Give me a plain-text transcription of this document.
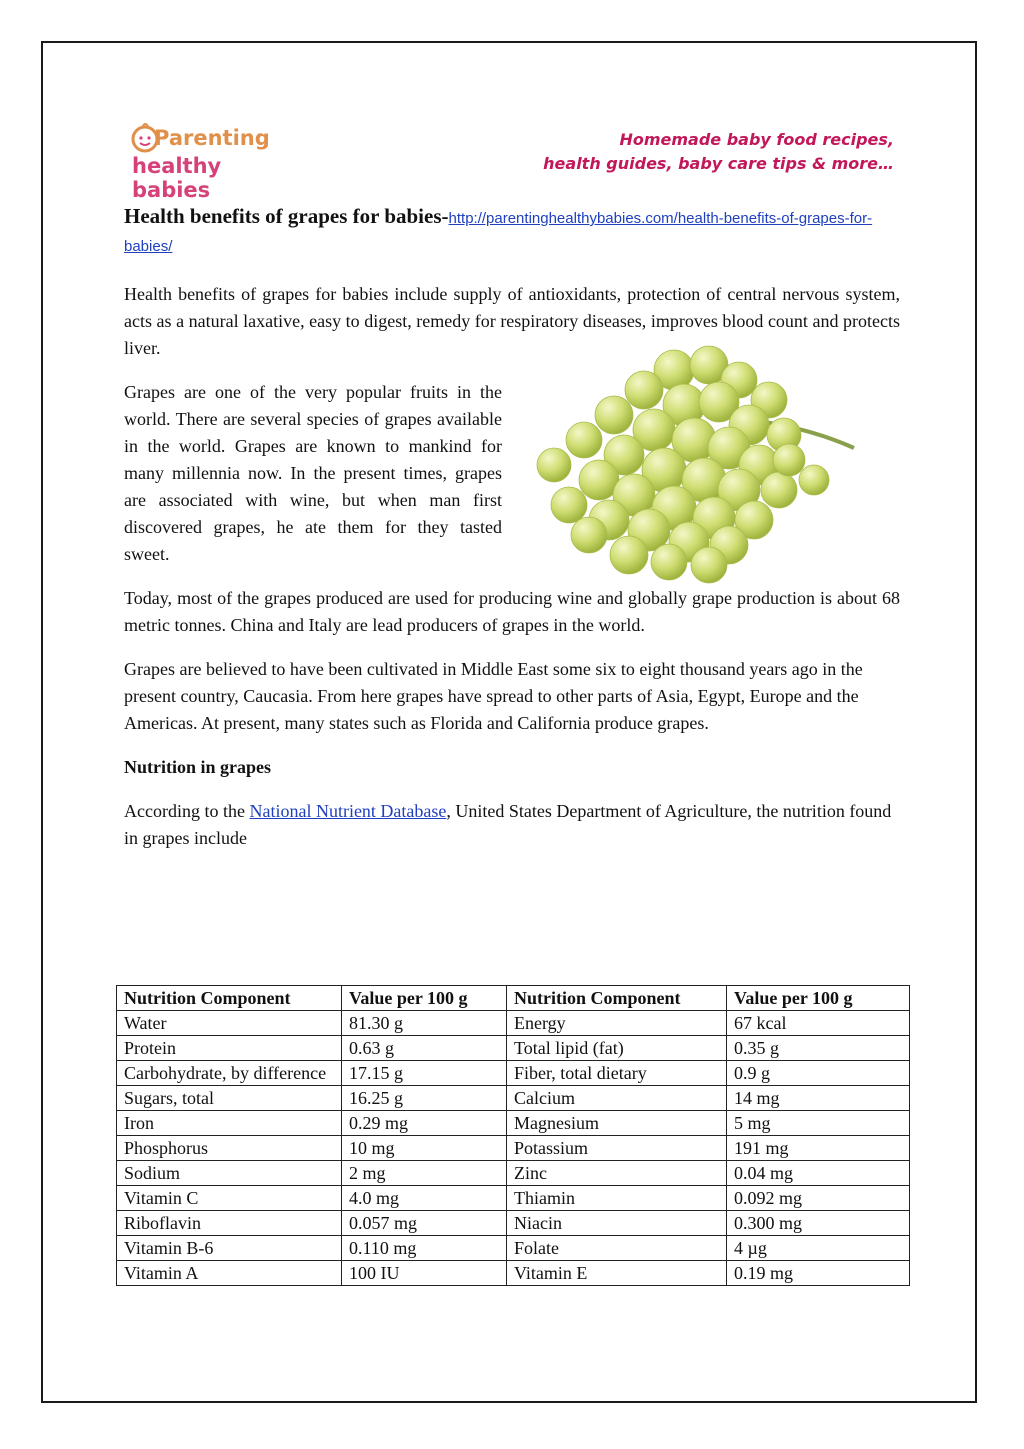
Parenting
healthy babies
Homemade baby food recipes,
health guides, baby care tips & more…

Health benefits of grapes for babies-http://parentinghealthybabies.com/health-benefits-of-grapes-for-babies/

Health benefits of grapes for babies include supply of antioxidants, protection of central nervous system, acts as a natural laxative, easy to digest, remedy for respiratory diseases, improves blood count and protects liver.

Grapes are one of the very popular fruits in the world. There are several species of grapes available in the world. Grapes are known to mankind for many millennia now. In the present times, grapes are associated with wine, but when man first discovered grapes, he ate them for they tasted sweet.

Today, most of the grapes produced are used for producing wine and globally grape production is about 68 metric tonnes. China and Italy are lead producers of grapes in the world.

Grapes are believed to have been cultivated in Middle East some six to eight thousand years ago in the present country, Caucasia. From here grapes have spread to other parts of Asia, Egypt, Europe and the Americas. At present, many states such as Florida and California produce grapes.

Nutrition in grapes

According to the National Nutrient Database, United States Department of Agriculture, the nutrition found in grapes include

Nutrition Component	Value per 100 g	Nutrition Component	Value per 100 g
Water	81.30 g	Energy	67 kcal
Protein	0.63 g	Total lipid (fat)	0.35 g
Carbohydrate, by difference	17.15 g	Fiber, total dietary	0.9 g
Sugars, total	16.25 g	Calcium	14 mg
Iron	0.29 mg	Magnesium	5 mg
Phosphorus	10 mg	Potassium	191 mg
Sodium	2 mg	Zinc	0.04 mg
Vitamin C	4.0 mg	Thiamin	0.092 mg
Riboflavin	0.057 mg	Niacin	0.300 mg
Vitamin B-6	0.110 mg	Folate	4 µg
Vitamin A	100 IU	Vitamin E	0.19 mg
